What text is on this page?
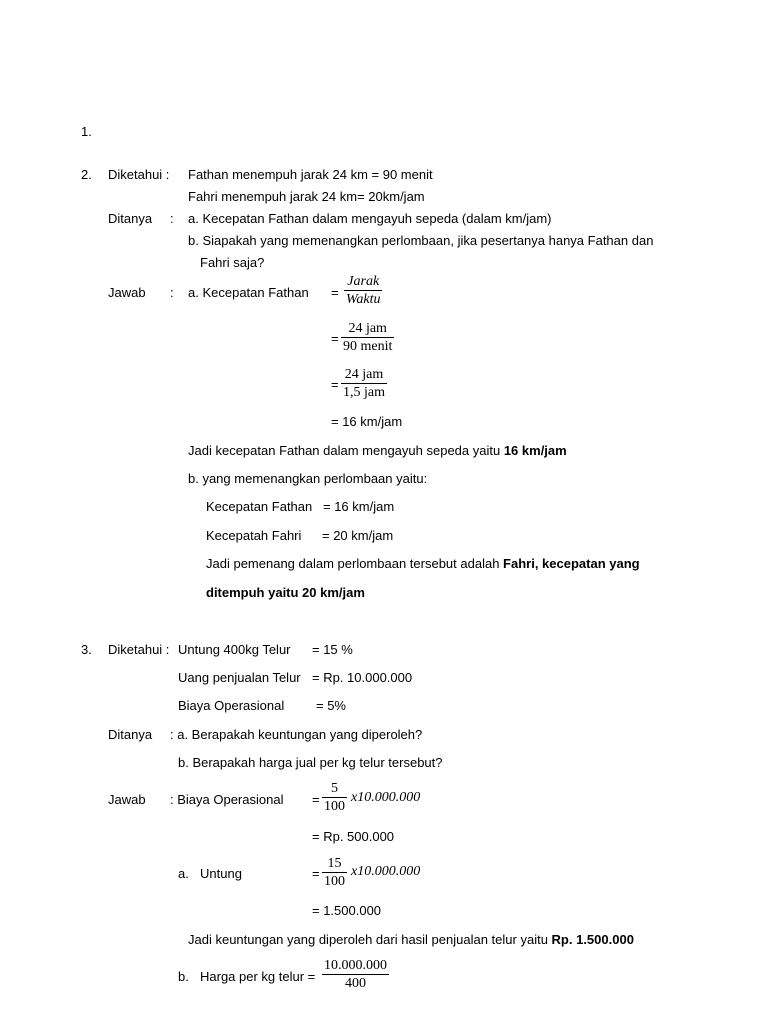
1.
2. Diketahui : Fathan menempuh jarak 24 km = 90 menit
Fahri menempuh jarak 24 km= 20km/jam
Ditanya : a. Kecepatan Fathan dalam mengayuh sepeda (dalam km/jam)
b. Siapakah yang memenangkan perlombaan, jika pesertanya hanya Fathan dan
Fahri saja?
Jawab : a. Kecepatan Fathan =
Jarak
Waktu
=
24 jam
90 menit
=
24 jam
1,5 jam
= 16 km/jam
Jadi kecepatan Fathan dalam mengayuh sepeda yaitu 16 km/jam
b. yang memenangkan perlombaan yaitu:
Kecepatan Fathan = 16 km/jam
Kecepatah Fahri = 20 km/jam
Jadi pemenang dalam perlombaan tersebut adalah Fahri, kecepatan yang
ditempuh yaitu 20 km/jam
3. Diketahui : Untung 400kg Telur = 15 %
Uang penjualan Telur = Rp. 10.000.000
Biaya Operasional = 5%
Ditanya : a. Berapakah keuntungan yang diperoleh?
b. Berapakah harga jual per kg telur tersebut?
Jawab : Biaya Operasional = $\frac{5}{100} x10.000.000$
= Rp. 500.000
a. Untung	= $\frac{15}{100} x10.000.000$
= 1.500.000
Jadi keuntungan yang diperoleh dari hasil penjualan telur yaitu Rp. 1.500.000
b. Harga per kg telur = $\frac{10.000.000}{400}$
